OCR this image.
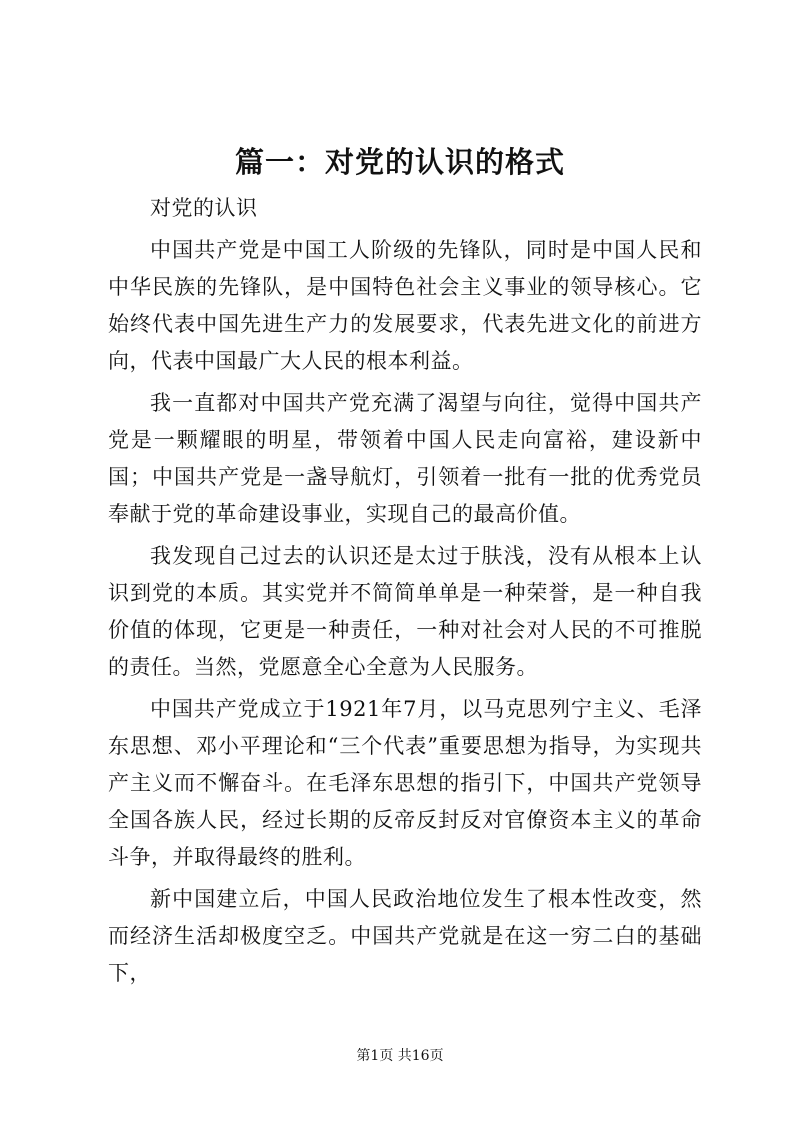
篇一：对党的认识的格式

对党的认识

中国共产党是中国工人阶级的先锋队，同时是中国人民和中华民族的先锋队，是中国特色社会主义事业的领导核心。它始终代表中国先进生产力的发展要求，代表先进文化的前进方向，代表中国最广大人民的根本利益。

我一直都对中国共产党充满了渴望与向往，觉得中国共产党是一颗耀眼的明星，带领着中国人民走向富裕，建设新中国；中国共产党是一盏导航灯，引领着一批有一批的优秀党员奉献于党的革命建设事业，实现自己的最高价值。

我发现自己过去的认识还是太过于肤浅，没有从根本上认识到党的本质。其实党并不简简单单是一种荣誉，是一种自我价值的体现，它更是一种责任，一种对社会对人民的不可推脱的责任。当然，党愿意全心全意为人民服务。

中国共产党成立于1921年7月，以马克思列宁主义、毛泽东思想、邓小平理论和“三个代表”重要思想为指导，为实现共产主义而不懈奋斗。在毛泽东思想的指引下，中国共产党领导全国各族人民，经过长期的反帝反封反对官僚资本主义的革命斗争，并取得最终的胜利。

新中国建立后，中国人民政治地位发生了根本性改变，然而经济生活却极度空乏。中国共产党就是在这一穷二白的基础下，

第1页 共16页
